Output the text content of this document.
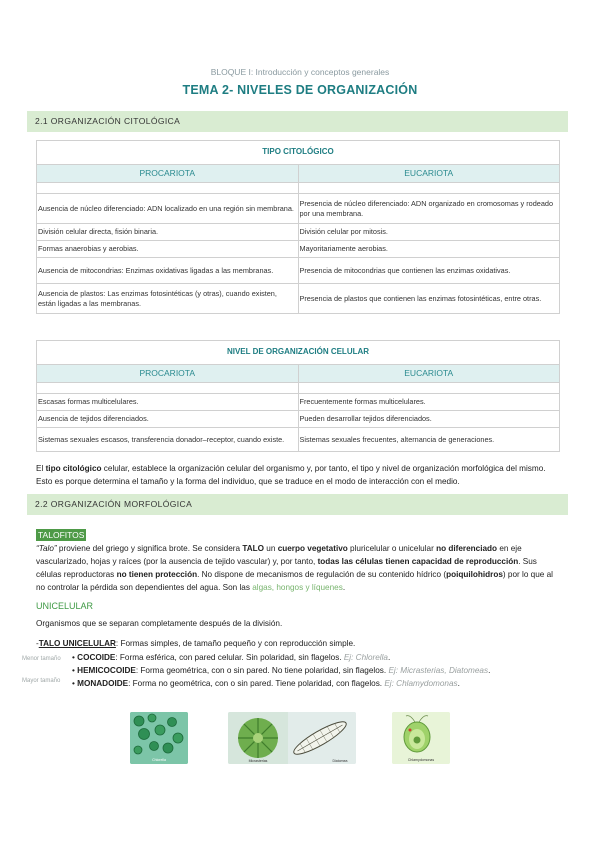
BLOQUE I: Introducción y conceptos generales
TEMA 2- NIVELES DE ORGANIZACIÓN
2.1 ORGANIZACIÓN CITOLÓGICA
TIPO CITOLÓGICO	
PROCARIOTA	EUCARIOTA

Ausencia de núcleo diferenciado: ADN localizado en una región sin membrana.	Presencia de núcleo diferenciado: ADN organizado en cromosomas y rodeado por una membrana.
División celular directa, fisión binaria.	División celular por mitosis.
Formas anaerobias y aerobias.	Mayoritariamente aerobias.
Ausencia de mitocondrias: Enzimas oxidativas ligadas a las membranas.	Presencia de mitocondrias que contienen las enzimas oxidativas.
Ausencia de plastos: Las enzimas fotosintéticas (y otras), cuando existen, están ligadas a las membranas.	Presencia de plastos que contienen las enzimas fotosintéticas, entre otras.
NIVEL DE ORGANIZACIÓN CELULAR	
PROCARIOTA	EUCARIOTA

Escasas formas multicelulares.	Frecuentemente formas multicelulares.
Ausencia de tejidos diferenciados.	Pueden desarrollar tejidos diferenciados.
Sistemas sexuales escasos, transferencia donador–receptor, cuando existe.	Sistemas sexuales frecuentes, alternancia de generaciones.
El tipo citológico celular, establece la organización celular del organismo y, por tanto, el tipo y nivel de organización morfológica del mismo. Esto es porque determina el tamaño y la forma del individuo, que se traduce en el modo de interacción con el medio.
2.2 ORGANIZACIÓN MORFOLÓGICA
TALOFITOS
“Talo” proviene del griego y significa brote. Se considera TALO un cuerpo vegetativo pluricelular o unicelular no diferenciado en eje vascularizado, hojas y raíces (por la ausencia de tejido vascular) y, por tanto, todas las células tienen capacidad de reproducción. Sus células reproductoras no tienen protección. No dispone de mecanismos de regulación de su contenido hídrico (poiquilohidros) por lo que al no controlar la pérdida son dependientes del agua. Son las algas, hongos y líquenes.
UNICELULAR
Organismos que se separan completamente después de la división.
-TALO UNICELULAR: Formas simples, de tamaño pequeño y con reproducción simple.
Menor tamaño
Mayor tamaño
• COCOIDE: Forma esférica, con pared celular. Sin polaridad, sin flagelos. Ej: Chlorella.
• HEMICOCOIDE: Forma geométrica, con o sin pared. No tiene polaridad, sin flagelos. Ej: Micrasterias, Diatomeas.
• MONADOIDE: Forma no geométrica, con o sin pared. Tiene polaridad, con flagelos. Ej: Chlamydomonas.
Chlorella	Micrasterias	Diatomea	Chlamydomonas
